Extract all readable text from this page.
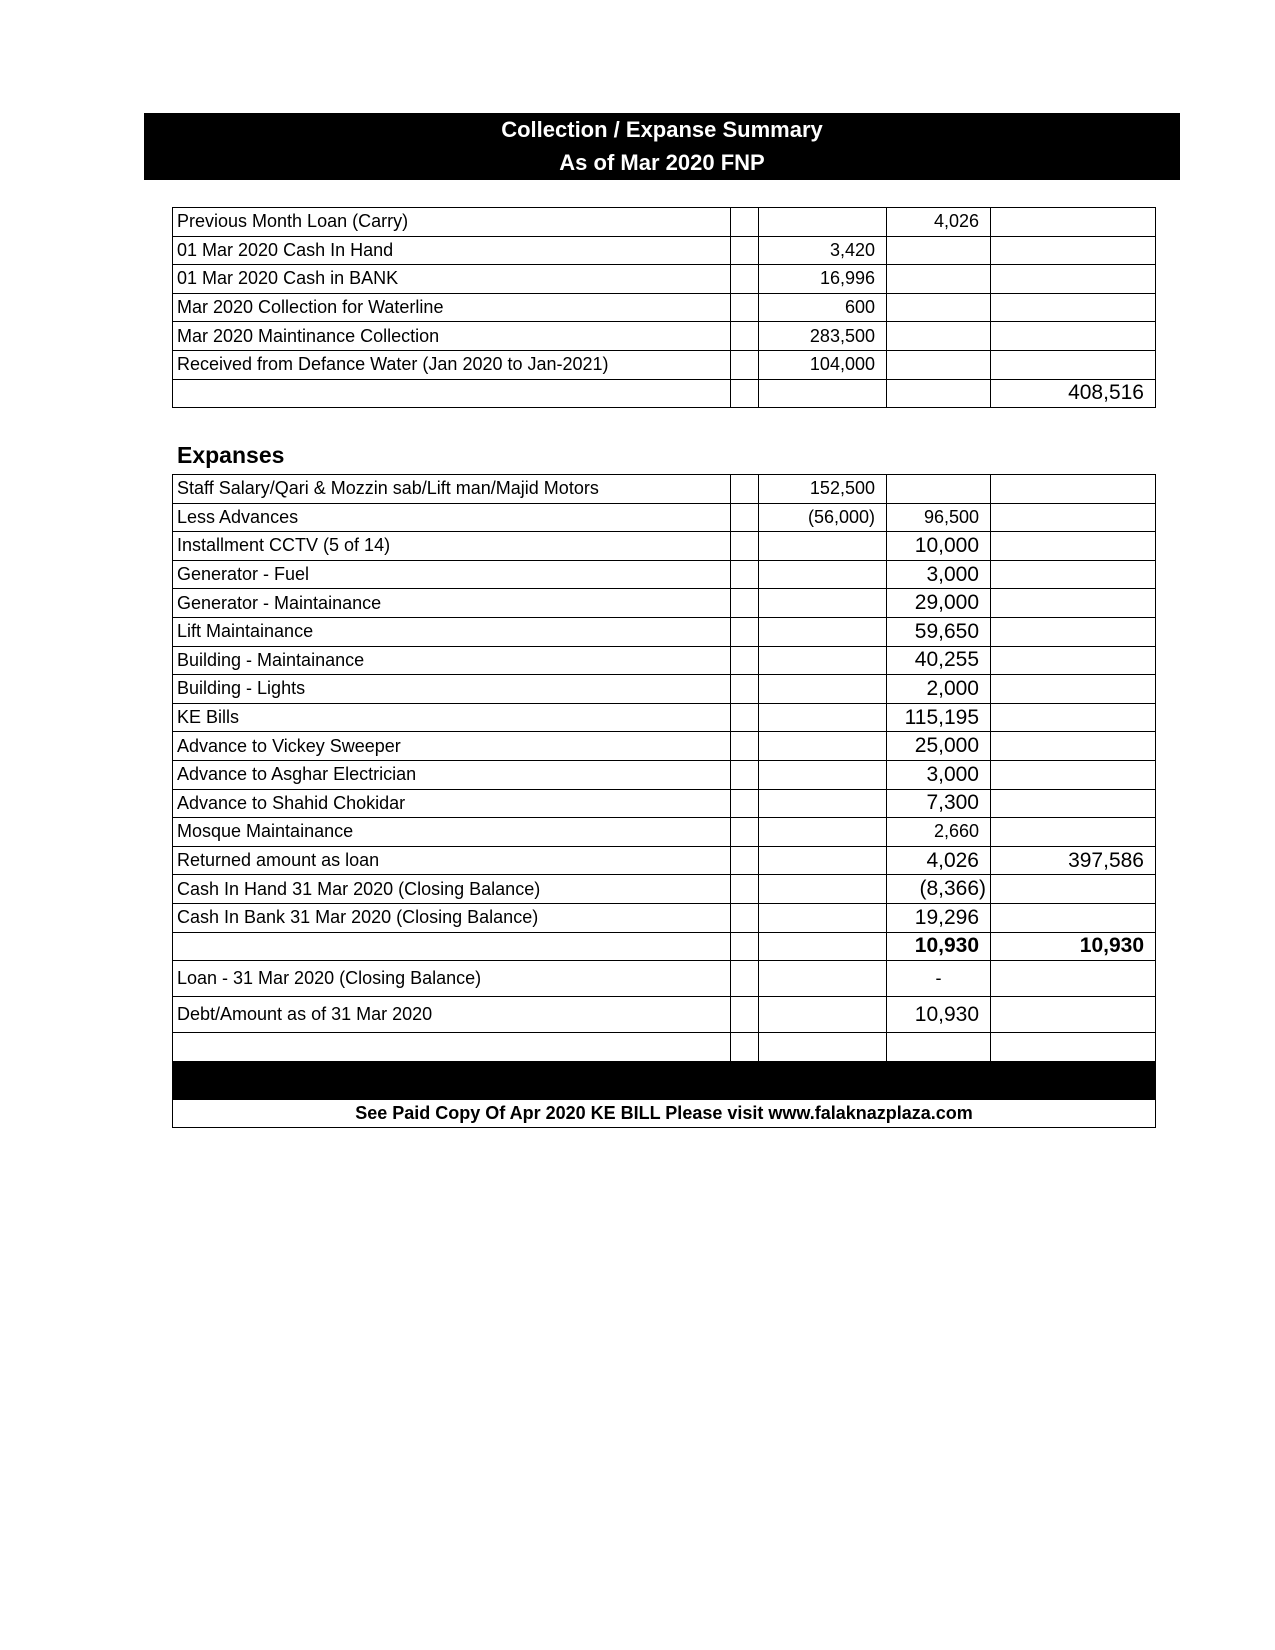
Collection / Expanse Summary
As of Mar 2020 FNP
Previous Month Loan (Carry)			4,026	
01 Mar 2020 Cash In Hand		3,420		
01 Mar 2020 Cash in BANK		16,996		
Mar 2020 Collection for Waterline		600		
Mar 2020 Maintinance Collection		283,500		
Received from Defance Water (Jan 2020 to Jan-2021)		104,000		
				408,516
Expanses
Staff Salary/Qari & Mozzin sab/Lift man/Majid Motors		152,500		
Less Advances		(56,000)	96,500	
Installment CCTV (5 of 14)			10,000	
Generator - Fuel			3,000	
Generator - Maintainance			29,000	
Lift Maintainance			59,650	
Building - Maintainance			40,255	
Building - Lights			2,000	
KE Bills			115,195	
Advance to Vickey Sweeper			25,000	
Advance to Asghar Electrician			3,000	
Advance to Shahid Chokidar			7,300	
Mosque Maintainance			2,660	
Returned amount as loan			4,026	397,586
Cash In Hand 31 Mar 2020 (Closing Balance)			(8,366)	
Cash In Bank 31 Mar 2020 (Closing Balance)			19,296	
			10,930	10,930
Loan - 31 Mar 2020 (Closing Balance)			-	
Debt/Amount as of 31 Mar 2020			10,930	

See Paid Copy Of Apr 2020 KE BILL Please visit www.falaknazplaza.com				
